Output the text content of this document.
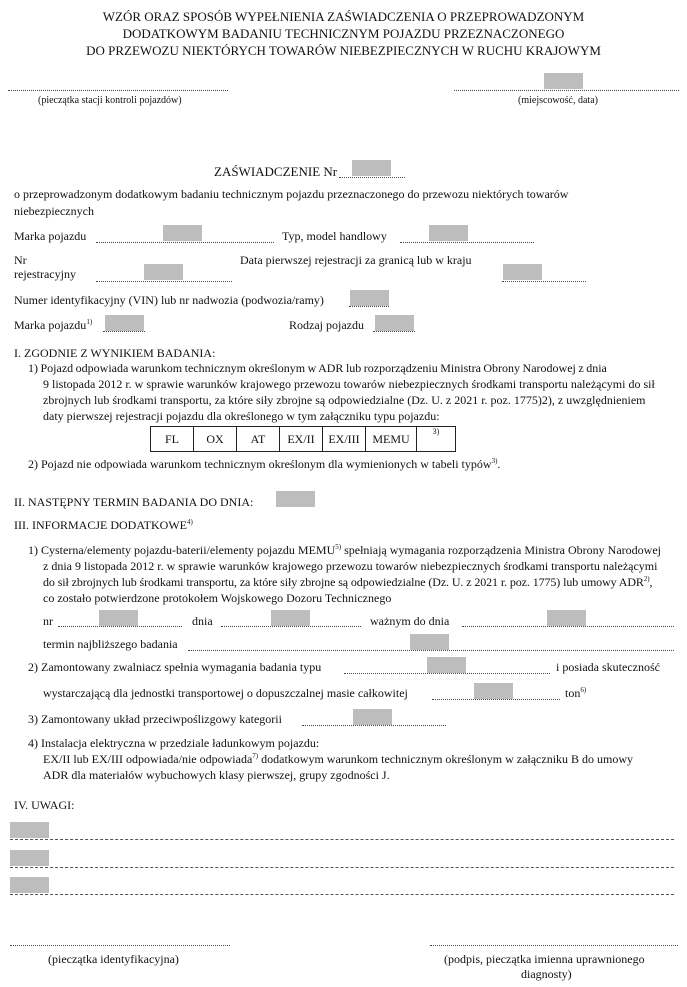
WZÓR ORAZ SPOSÓB WYPEŁNIENIA ZAŚWIADCZENIA O PRZEPROWADZONYM
DODATKOWYM BADANIU TECHNICZNYM POJAZDU PRZEZNACZONEGO
DO PRZEWOZU NIEKTÓRYCH TOWARÓW NIEBEZPIECZNYCH W RUCHU KRAJOWYM
(pieczątka stacji kontroli pojazdów)	(miejscowość, data)
ZAŚWIADCZENIE Nr
o przeprowadzonym dodatkowym badaniu technicznym pojazdu przeznaczonego do przewozu niektórych towarów
niebezpiecznych
Marka pojazdu	Typ, model handlowy
Nr
rejestracyjny
Data pierwszej rejestracji za granicą lub w kraju
Numer identyfikacyjny (VIN) lub nr nadwozia (podwozia/ramy)
Marka pojazdu$^{1)}$	Rodzaj pojazdu
I. ZGODNIE Z WYNIKIEM BADANIA:
1) Pojazd odpowiada warunkom technicznym określonym w ADR lub rozporządzeniu Ministra Obrony Narodowej z dnia
9 listopada 2012 r. w sprawie warunków krajowego przewozu towarów niebezpiecznych środkami transportu należącymi do sił
zbrojnych lub środkami transportu, za które siły zbrojne są odpowiedzialne (Dz. U. z 2021 r. poz. 1775)2), z uwzględnieniem
daty pierwszej rejestracji pojazdu dla określonego w tym załączniku typu pojazdu:
FL	OX	AT	EX/II	EX/III	MEMU	3)
2) Pojazd nie odpowiada warunkom technicznym określonym dla wymienionych w tabeli typów$^{3)}$.
II. NASTĘPNY TERMIN BADANIA DO DNIA:
III. INFORMACJE DODATKOWE$^{4)}$
1) Cysterna/elementy pojazdu-baterii/elementy pojazdu MEMU$^{5)}$ spełniają wymagania rozporządzenia Ministra Obrony Narodowej
z dnia 9 listopada 2012 r. w sprawie warunków krajowego przewozu towarów niebezpiecznych środkami transportu należącymi
do sił zbrojnych lub środkami transportu, za które siły zbrojne są odpowiedzialne (Dz. U. z 2021 r. poz. 1775) lub umowy ADR$^{2)}$,
co zostało potwierdzone protokołem Wojskowego Dozoru Technicznego
nr	dnia	ważnym do dnia
termin najbliższego badania
2) Zamontowany zwalniacz spełnia wymagania badania typu	i posiada skuteczność
wystarczającą dla jednostki transportowej o dopuszczalnej masie całkowitej	ton$^{6)}$
3) Zamontowany układ przeciwpoślizgowy kategorii
4) Instalacja elektryczna w przedziale ładunkowym pojazdu:
EX/II lub EX/III odpowiada/nie odpowiada$^{7)}$ dodatkowym warunkom technicznym określonym w załączniku B do umowy
ADR dla materiałów wybuchowych klasy pierwszej, grupy zgodności J.
IV. UWAGI:
(pieczątka identyfikacyjna)	(podpis, pieczątka imienna uprawnionego
diagnosty)
